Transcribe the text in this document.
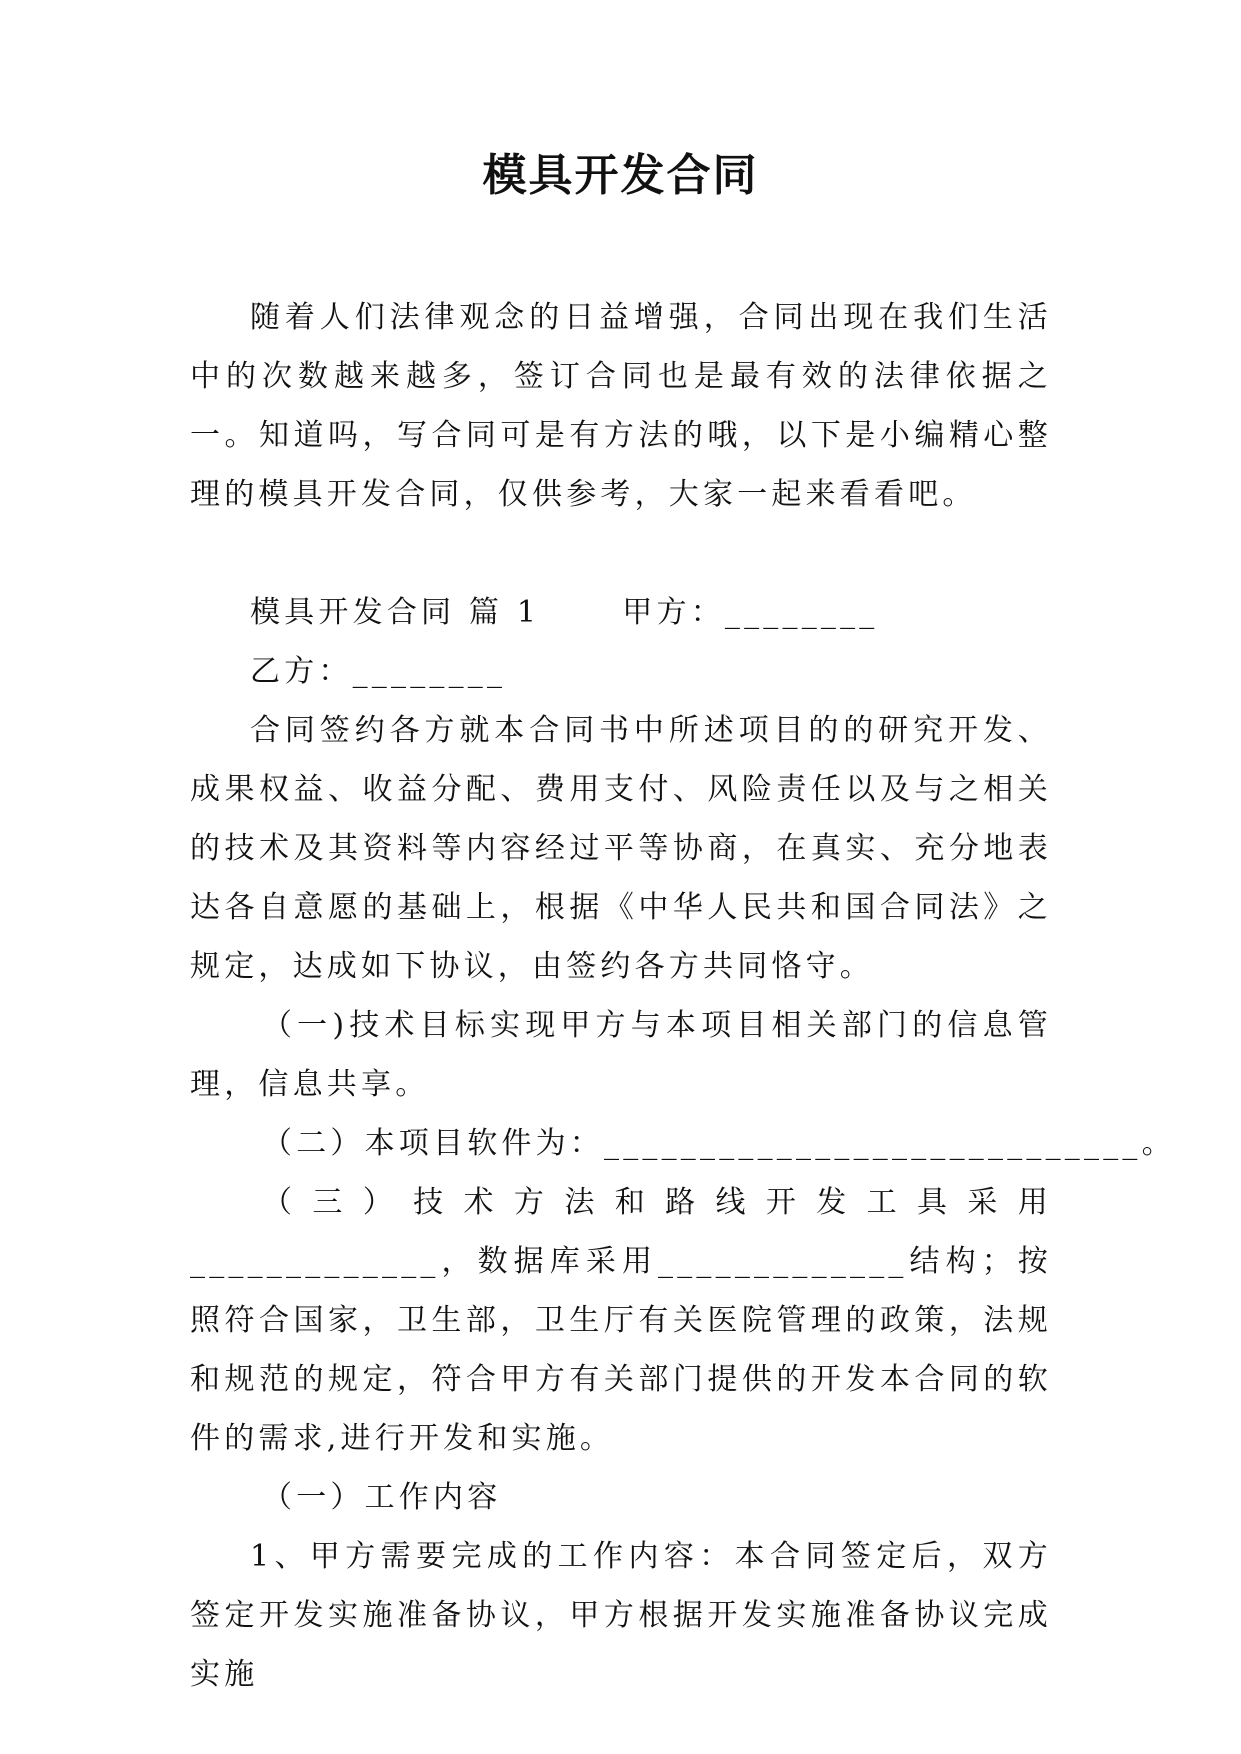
模具开发合同

随着人们法律观念的日益增强，合同出现在我们生活中的次数越来越多，签订合同也是最有效的法律依据之一。知道吗，写合同可是有方法的哦，以下是小编精心整理的模具开发合同，仅供参考，大家一起来看看吧。

模具开发合同 篇 1　　 甲方：________

乙方：________

合同签约各方就本合同书中所述项目的的研究开发、成果权益、收益分配、费用支付、风险责任以及与之相关的技术及其资料等内容经过平等协商，在真实、充分地表达各自意愿的基础上，根据《中华人民共和国合同法》之规定，达成如下协议，由签约各方共同恪守。

（一)技术目标实现甲方与本项目相关部门的信息管理，信息共享。

（二）本项目软件为：____________________________。

（三）技术方法和路线开发工具采用_____________，数据库采用_____________结构；按照符合国家，卫生部，卫生厅有关医院管理的政策，法规和规范的规定，符合甲方有关部门提供的开发本合同的软件的需求,进行开发和实施。

（一）工作内容

1、甲方需要完成的工作内容：本合同签定后，双方签定开发实施准备协议，甲方根据开发实施准备协议完成实施
